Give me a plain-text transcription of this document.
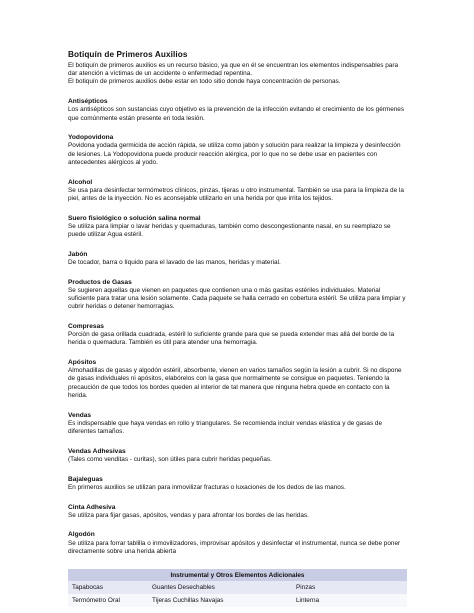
Botiquín de Primeros Auxilios

El botiquín de primeros auxilios es un recurso básico, ya que en él se encuentran los elementos indispensables para dar atención a víctimas de un accidente o enfermedad repentina.

El botiquín de primeros auxilios debe estar en todo sitio donde haya concentración de personas.

Antisépticos

Los antisépticos son sustancias cuyo objetivo es la prevención de la infección evitando el crecimiento de los gérmenes que comúnmente están presente en toda lesión.

Yodopovidona

Povidona yodada germicida de acción rápida, se utiliza como jabón y solución para realizar la limpieza y desinfección de lesiones. La Yodopovidona puede producir reacción alérgica, por lo que no se debe usar en pacientes con antecedentes alérgicos al yodo.

Alcohol

Se usa para desinfectar termómetros clínicos, pinzas, tijeras u otro instrumental. También se usa para la limpieza de la piel, antes de la inyección. No es aconsejable utilizarlo en una herida por que irrita los tejidos.

Suero fisiológico o solución salina normal

Se utiliza para limpiar o lavar heridas y quemaduras, también como descongestionante nasal, en su reemplazo se puede utilizar Agua estéril.

Jabón

De tocador, barra o líquido para el lavado de las manos, heridas y material.

Productos de Gasas

Se sugieren aquellas que vienen en paquetes que contienen una o más gasitas estériles individuales. Material suficiente para tratar una lesión solamente. Cada paquete se halla cerrado en cobertura estéril. Se utiliza para limpiar y cubrir heridas o detener hemorragias.

Compresas

Porción de gasa orillada cuadrada, estéril lo suficiente grande para que se pueda extender mas allá del borde de la herida o quemadura. También es útil para atender una hemorragia.

Apósitos

Almohadillas de gasas y algodón estéril, absorbente, vienen en varios tamaños según la lesión a cubrir. Si no dispone de gasas individuales ni apósitos, elabórelos con la gasa que normalmente se consigue en paquetes. Teniendo la precaución de que todos los bordes queden al interior de tal manera que ninguna hebra quede en contacto con la herida.

Vendas

Es indispensable que haya vendas en rollo y triangulares. Se recomienda incluir vendas elástica y de gasas de diferentes tamaños.

Vendas Adhesivas

(Tales como venditas - curitas), son útiles para cubrir heridas pequeñas.

Bajaleguas

En primeros auxilios se utilizan para inmovilizar fracturas o luxaciones de los dedos de las manos.

Cinta Adhesiva

Se utiliza para fijar gasas, apósitos, vendas y para afrontar los bordes de las heridas.

Algodón

Se utiliza para forrar tablilla o inmovilizadores, improvisar apósitos y desinfectar el instrumental, nunca se debe poner directamente sobre una herida abierta

Instrumental y Otros Elementos Adicionales		
Tapabocas	Guantes Desechables	Pinzas
Termómetro Oral	Tijeras Cuchillas Navajas	Linterna
